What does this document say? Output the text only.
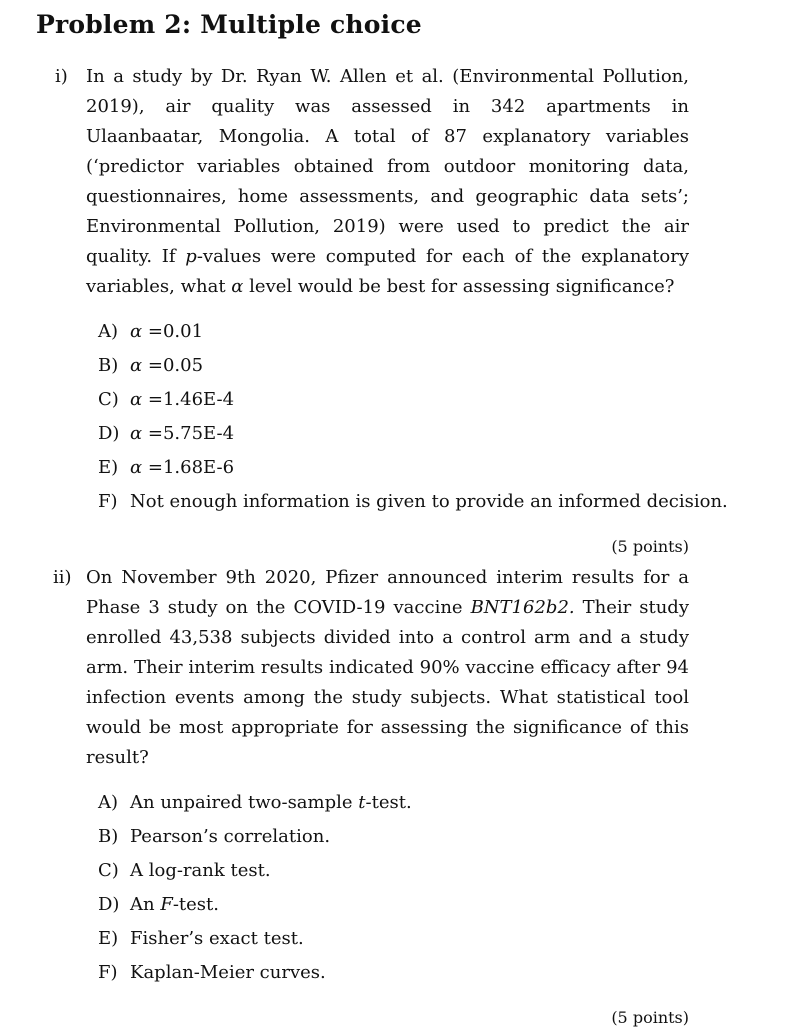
Problem 2: Multiple choice
i)	In a study by Dr. Ryan W. Allen et al. (Environmental Pollution, 2019), air quality was assessed in 342 apartments in Ulaanbaatar, Mongolia. A total of 87 explanatory variables (‘predictor variables obtained from outdoor monitoring data, questionnaires, home assessments, and geographic data sets’; Environmental Pollution, 2019) were used to predict the air quality. If p-values were computed for each of the explanatory variables, what α level would be best for assessing significance?
A) α =0.01
B) α =0.05
C) α =1.46E-4
D) α =5.75E-4
E) α =1.68E-6
F) Not enough information is given to provide an informed decision.
(5 points)
ii) On November 9th 2020, Pfizer announced interim results for a Phase 3 study on the COVID-19 vaccine BNT162b2. Their study enrolled 43,538 subjects divided into a control arm and a study arm. Their interim results indicated 90% vaccine efficacy after 94 infection events among the study subjects. What statistical tool would be most appropriate for assessing the significance of this result?
A) An unpaired two-sample t-test.
B) Pearson’s correlation.
C) A log-rank test.
D) An F-test.
E) Fisher’s exact test.
F) Kaplan-Meier curves.
(5 points)
